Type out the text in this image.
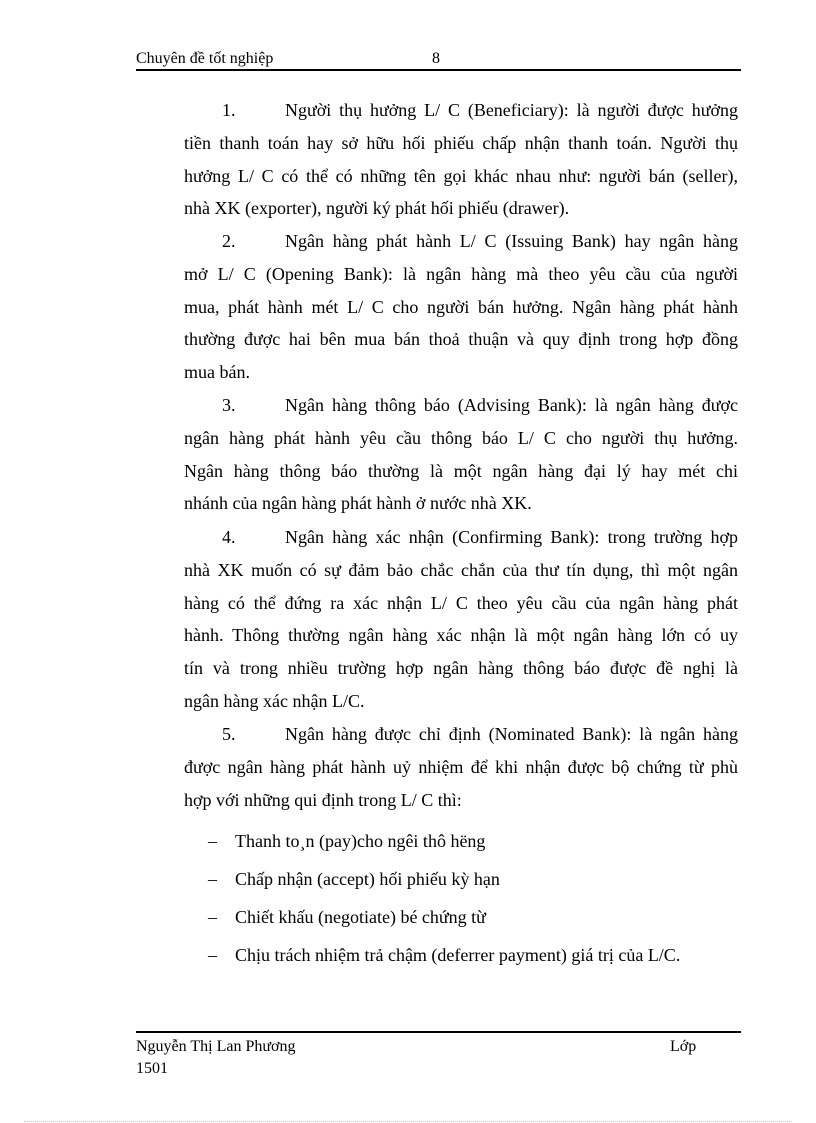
Chuyên đề tốt nghiệp	8
1.	Người thụ hưởng L/ C (Beneficiary): là người được hưởng
tiền thanh toán hay sở hữu hối phiếu chấp nhận thanh toán. Người thụ
hưởng L/ C có thể có những tên gọi khác nhau như: người bán (seller),
nhà XK (exporter), người ký phát hối phiếu (drawer).
2.	Ngân hàng phát hành L/ C (Issuing Bank) hay ngân hàng
mở L/ C (Opening Bank): là ngân hàng mà theo yêu cầu của người
mua, phát hành mét L/ C cho người bán hưởng. Ngân hàng phát hành
thường được hai bên mua bán thoả thuận và quy định trong hợp đồng
mua bán.
3.	Ngân hàng thông báo (Advising Bank): là ngân hàng được
ngân hàng phát hành yêu cầu thông báo L/ C cho người thụ hưởng.
Ngân hàng thông báo thường là một ngân hàng đại lý hay mét chi
nhánh của ngân hàng phát hành ở nước nhà XK.
4.	Ngân hàng xác nhận (Confirming Bank): trong trường hợp
nhà XK muốn có sự đảm bảo chắc chắn của thư tín dụng, thì một ngân
hàng có thể đứng ra xác nhận L/ C theo yêu cầu của ngân hàng phát
hành. Thông thường ngân hàng xác nhận là một ngân hàng lớn có uy
tín và trong nhiều trường hợp ngân hàng thông báo được đề nghị là
ngân hàng xác nhận L/C.
5.	Ngân hàng được chỉ định (Nominated Bank): là ngân hàng
được ngân hàng phát hành uỷ nhiệm để khi nhận được bộ chứng từ phù
hợp với những qui định trong L/ C thì:
– Thanh to¸n (pay)cho ngêi thô hëng
– Chấp nhận (accept) hối phiếu kỳ hạn
– Chiết khấu (negotiate) bé chứng từ
– Chịu trách nhiệm trả chậm (deferrer payment) giá trị của L/C.
Nguyễn Thị Lan Phương	Lớp
1501
